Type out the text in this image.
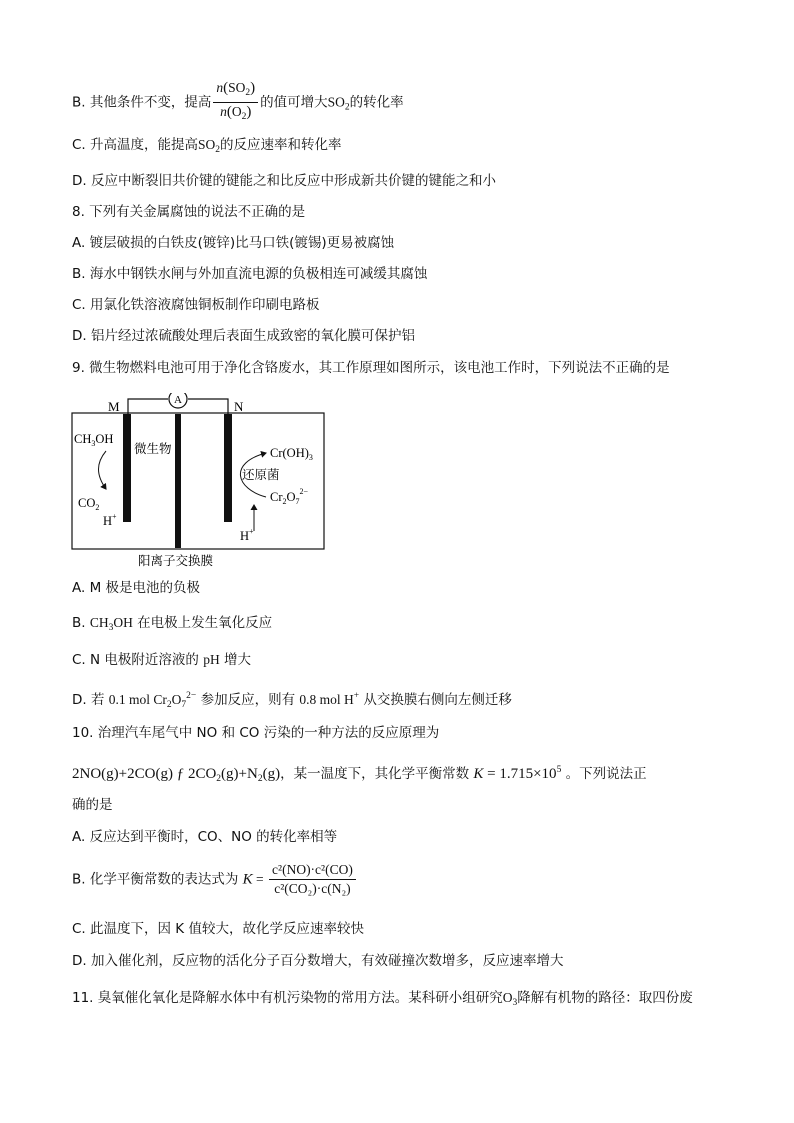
B. 其他条件不变，提高 $\frac{n(SO_2)}{n(O_2)}$ 的值可增大$SO_2$的转化率
C. 升高温度，能提高$SO_2$的反应速率和转化率
D. 反应中断裂旧共价键的键能之和比反应中形成新共价键的键能之和小
8. 下列有关金属腐蚀的说法不正确的是
A. 镀层破损的白铁皮(镀锌)比马口铁(镀锡)更易被腐蚀
B. 海水中钢铁水闸与外加直流电源的负极相连可减缓其腐蚀
C. 用氯化铁溶液腐蚀铜板制作印刷电路板
D. 铝片经过浓硫酸处理后表面生成致密的氧化膜可保护铝
9. 微生物燃料电池可用于净化含铬废水，其工作原理如图所示，该电池工作时，下列说法不正确的是
A
M	N
$CH_3OH$
微生物
$CO_2$
H+
$Cr(OH)_3$
还原菌
$Cr_2O_7^{2-}$
H+
阳离子交换膜
A. M 极是电池的负极
B. $CH_3OH$ 在电极上发生氧化反应
C. N 电极附近溶液的 pH 增大
D. 若 0.1 mol $Cr_2O_7^{2-}$ 参加反应，则有 0.8 mol H+ 从交换膜右侧向左侧迁移
10. 治理汽车尾气中 NO 和 CO 污染的一种方法的反应原理为
2NO(g)+2CO(g) ƒ $2CO_2(g)+N_2(g)$，某一温度下，其化学平衡常数 $K = 1.715\times 10^5$ 。下列说法正
确的是
A. 反应达到平衡时，CO、NO 的转化率相等
B. 化学平衡常数的表达式为 $K = \frac{\text{c²(NO)·c²(CO)}}{\text{c²(CO₂)·c(N₂)}}$
C. 此温度下，因 K 值较大，故化学反应速率较快
D. 加入催化剂，反应物的活化分子百分数增大，有效碰撞次数增多，反应速率增大
11. 臭氧催化氧化是降解水体中有机污染物的常用方法。某科研小组研究$O_3$降解有机物的路径：取四份废
